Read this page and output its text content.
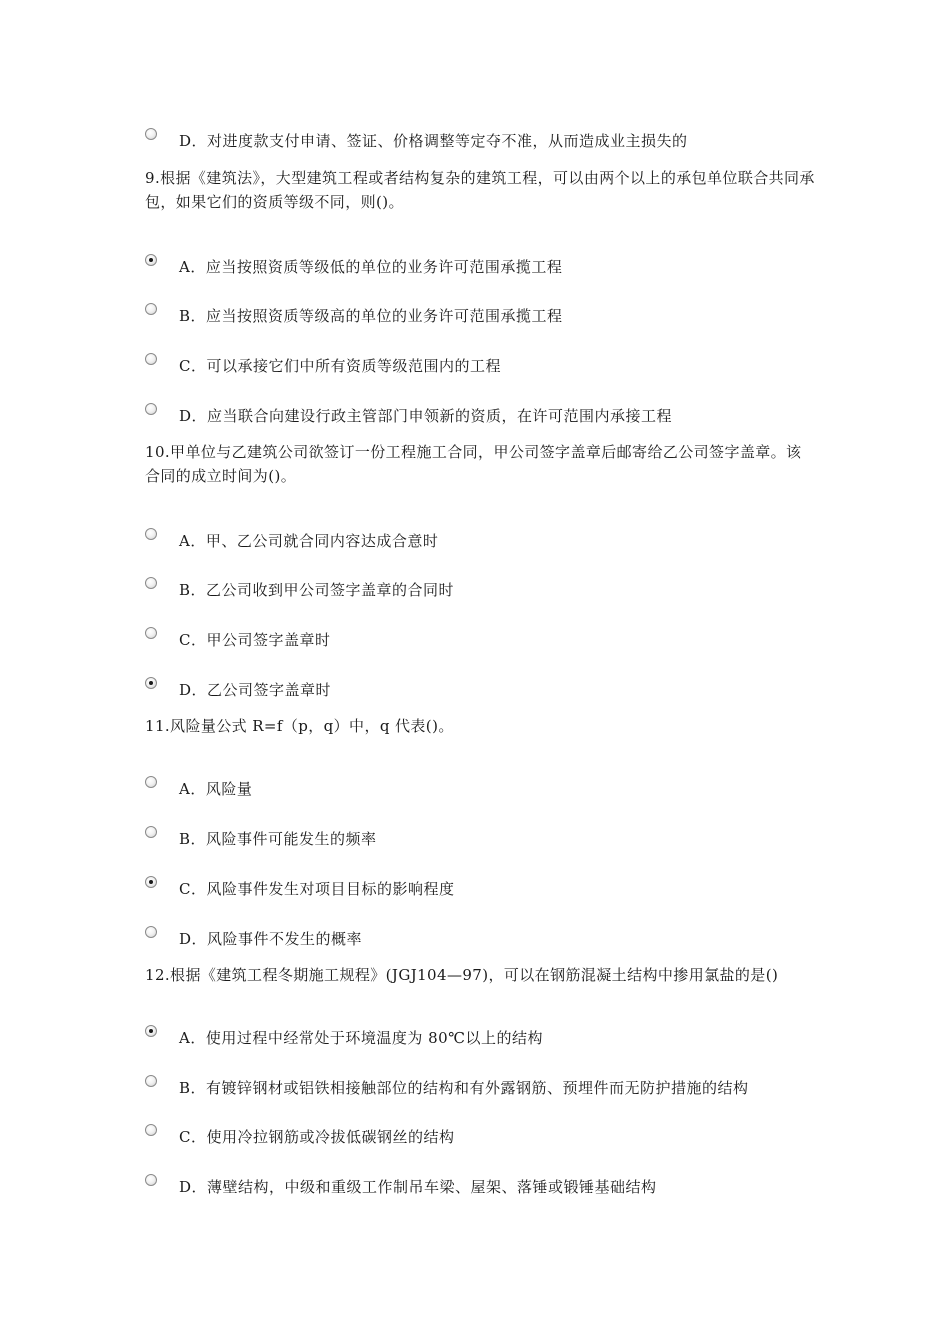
D．对进度款支付申请、签证、价格调整等定夺不准，从而造成业主损失的
9.根据《建筑法》，大型建筑工程或者结构复杂的建筑工程，可以由两个以上的承包单位联合共同承包，如果它们的资质等级不同，则()。
A．应当按照资质等级低的单位的业务许可范围承揽工程
B．应当按照资质等级高的单位的业务许可范围承揽工程
C．可以承接它们中所有资质等级范围内的工程
D．应当联合向建设行政主管部门申领新的资质，在许可范围内承接工程
10.甲单位与乙建筑公司欲签订一份工程施工合同，甲公司签字盖章后邮寄给乙公司签字盖章。该合同的成立时间为()。
A．甲、乙公司就合同内容达成合意时
B．乙公司收到甲公司签字盖章的合同时
C．甲公司签字盖章时
D．乙公司签字盖章时
11.风险量公式 R=f（p，q）中，q 代表()。
A．风险量
B．风险事件可能发生的频率
C．风险事件发生对项目目标的影响程度
D．风险事件不发生的概率
12.根据《建筑工程冬期施工规程》(JGJ104—97)，可以在钢筋混凝土结构中掺用氯盐的是()
A．使用过程中经常处于环境温度为 80℃以上的结构
B．有镀锌钢材或铝铁相接触部位的结构和有外露钢筋、预埋件而无防护措施的结构
C．使用冷拉钢筋或冷拔低碳钢丝的结构
D．薄壁结构，中级和重级工作制吊车梁、屋架、落锤或锻锤基础结构
